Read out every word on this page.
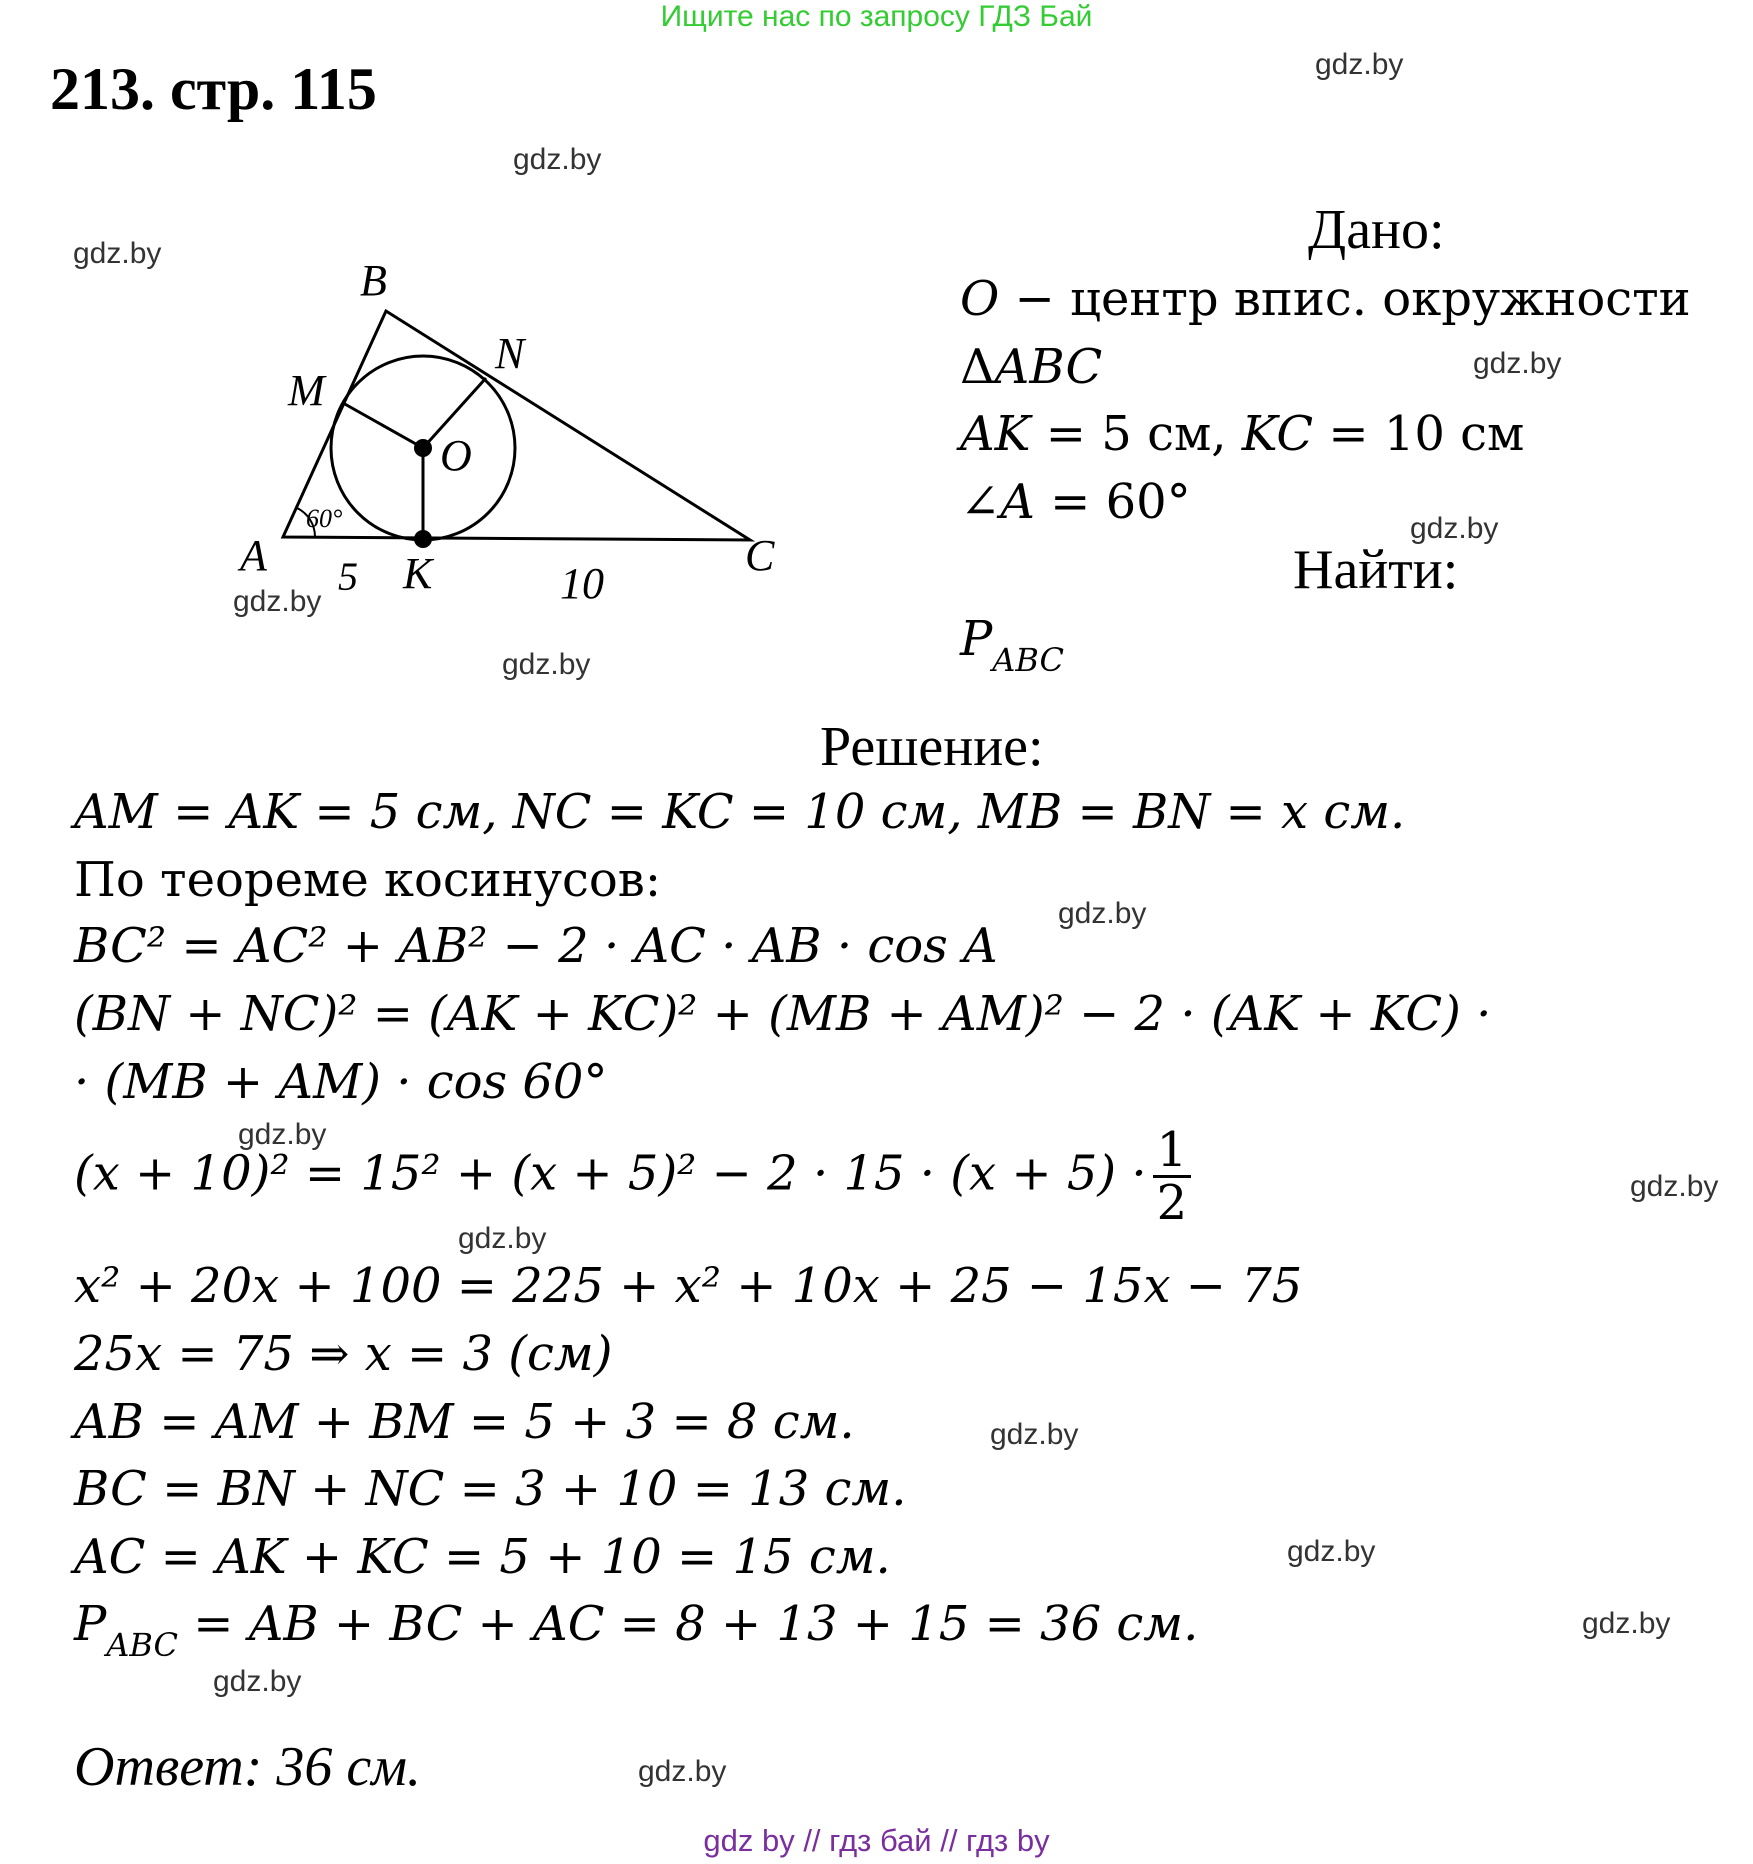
Ищите нас по запросу ГДЗ Бай
213. стр. 115	gdz.by
gdz.by
gdz.by
gdz.by
gdz.by
gdz.by
gdz.by
gdz.by
gdz.by
gdz.by
gdz.by
gdz.by
gdz.by
gdz.by
gdz.by
gdz.by
B
N
M
O
A	K	C
60°
5	10
Дано:
O − центр впис. окружности
ΔABC
AK = 5 см, KC = 10 см
∠A = 60°
Найти:
$P_{ABC}$
Решение:
AM = AK = 5 см, NC = KC = 10 см, MB = BN = x см.
По теореме косинусов:
BC² = AC² + AB² − 2 · AC · AB · cos A
(BN + NC)² = (AK + KC)² + (MB + AM)² − 2 · (AK + KC) ·
· (MB + AM) · cos 60°
$(x + 10)^2 = 15^2 + (x + 5)^2 - 2 \cdot 15 \cdot (x + 5) \cdot \frac{1}{2}$
x² + 20x + 100 = 225 + x² + 10x + 25 − 15x − 75
25x = 75 ⇒ x = 3 (см)
AB = AM + BM = 5 + 3 = 8 см.
BC = BN + NC = 3 + 10 = 13 см.
AC = AK + KC = 5 + 10 = 15 см.
$P_{ABC}$ = AB + BC + AC = 8 + 13 + 15 = 36 см.
Ответ: 36 см.
gdz by // гдз бай // гдз by
